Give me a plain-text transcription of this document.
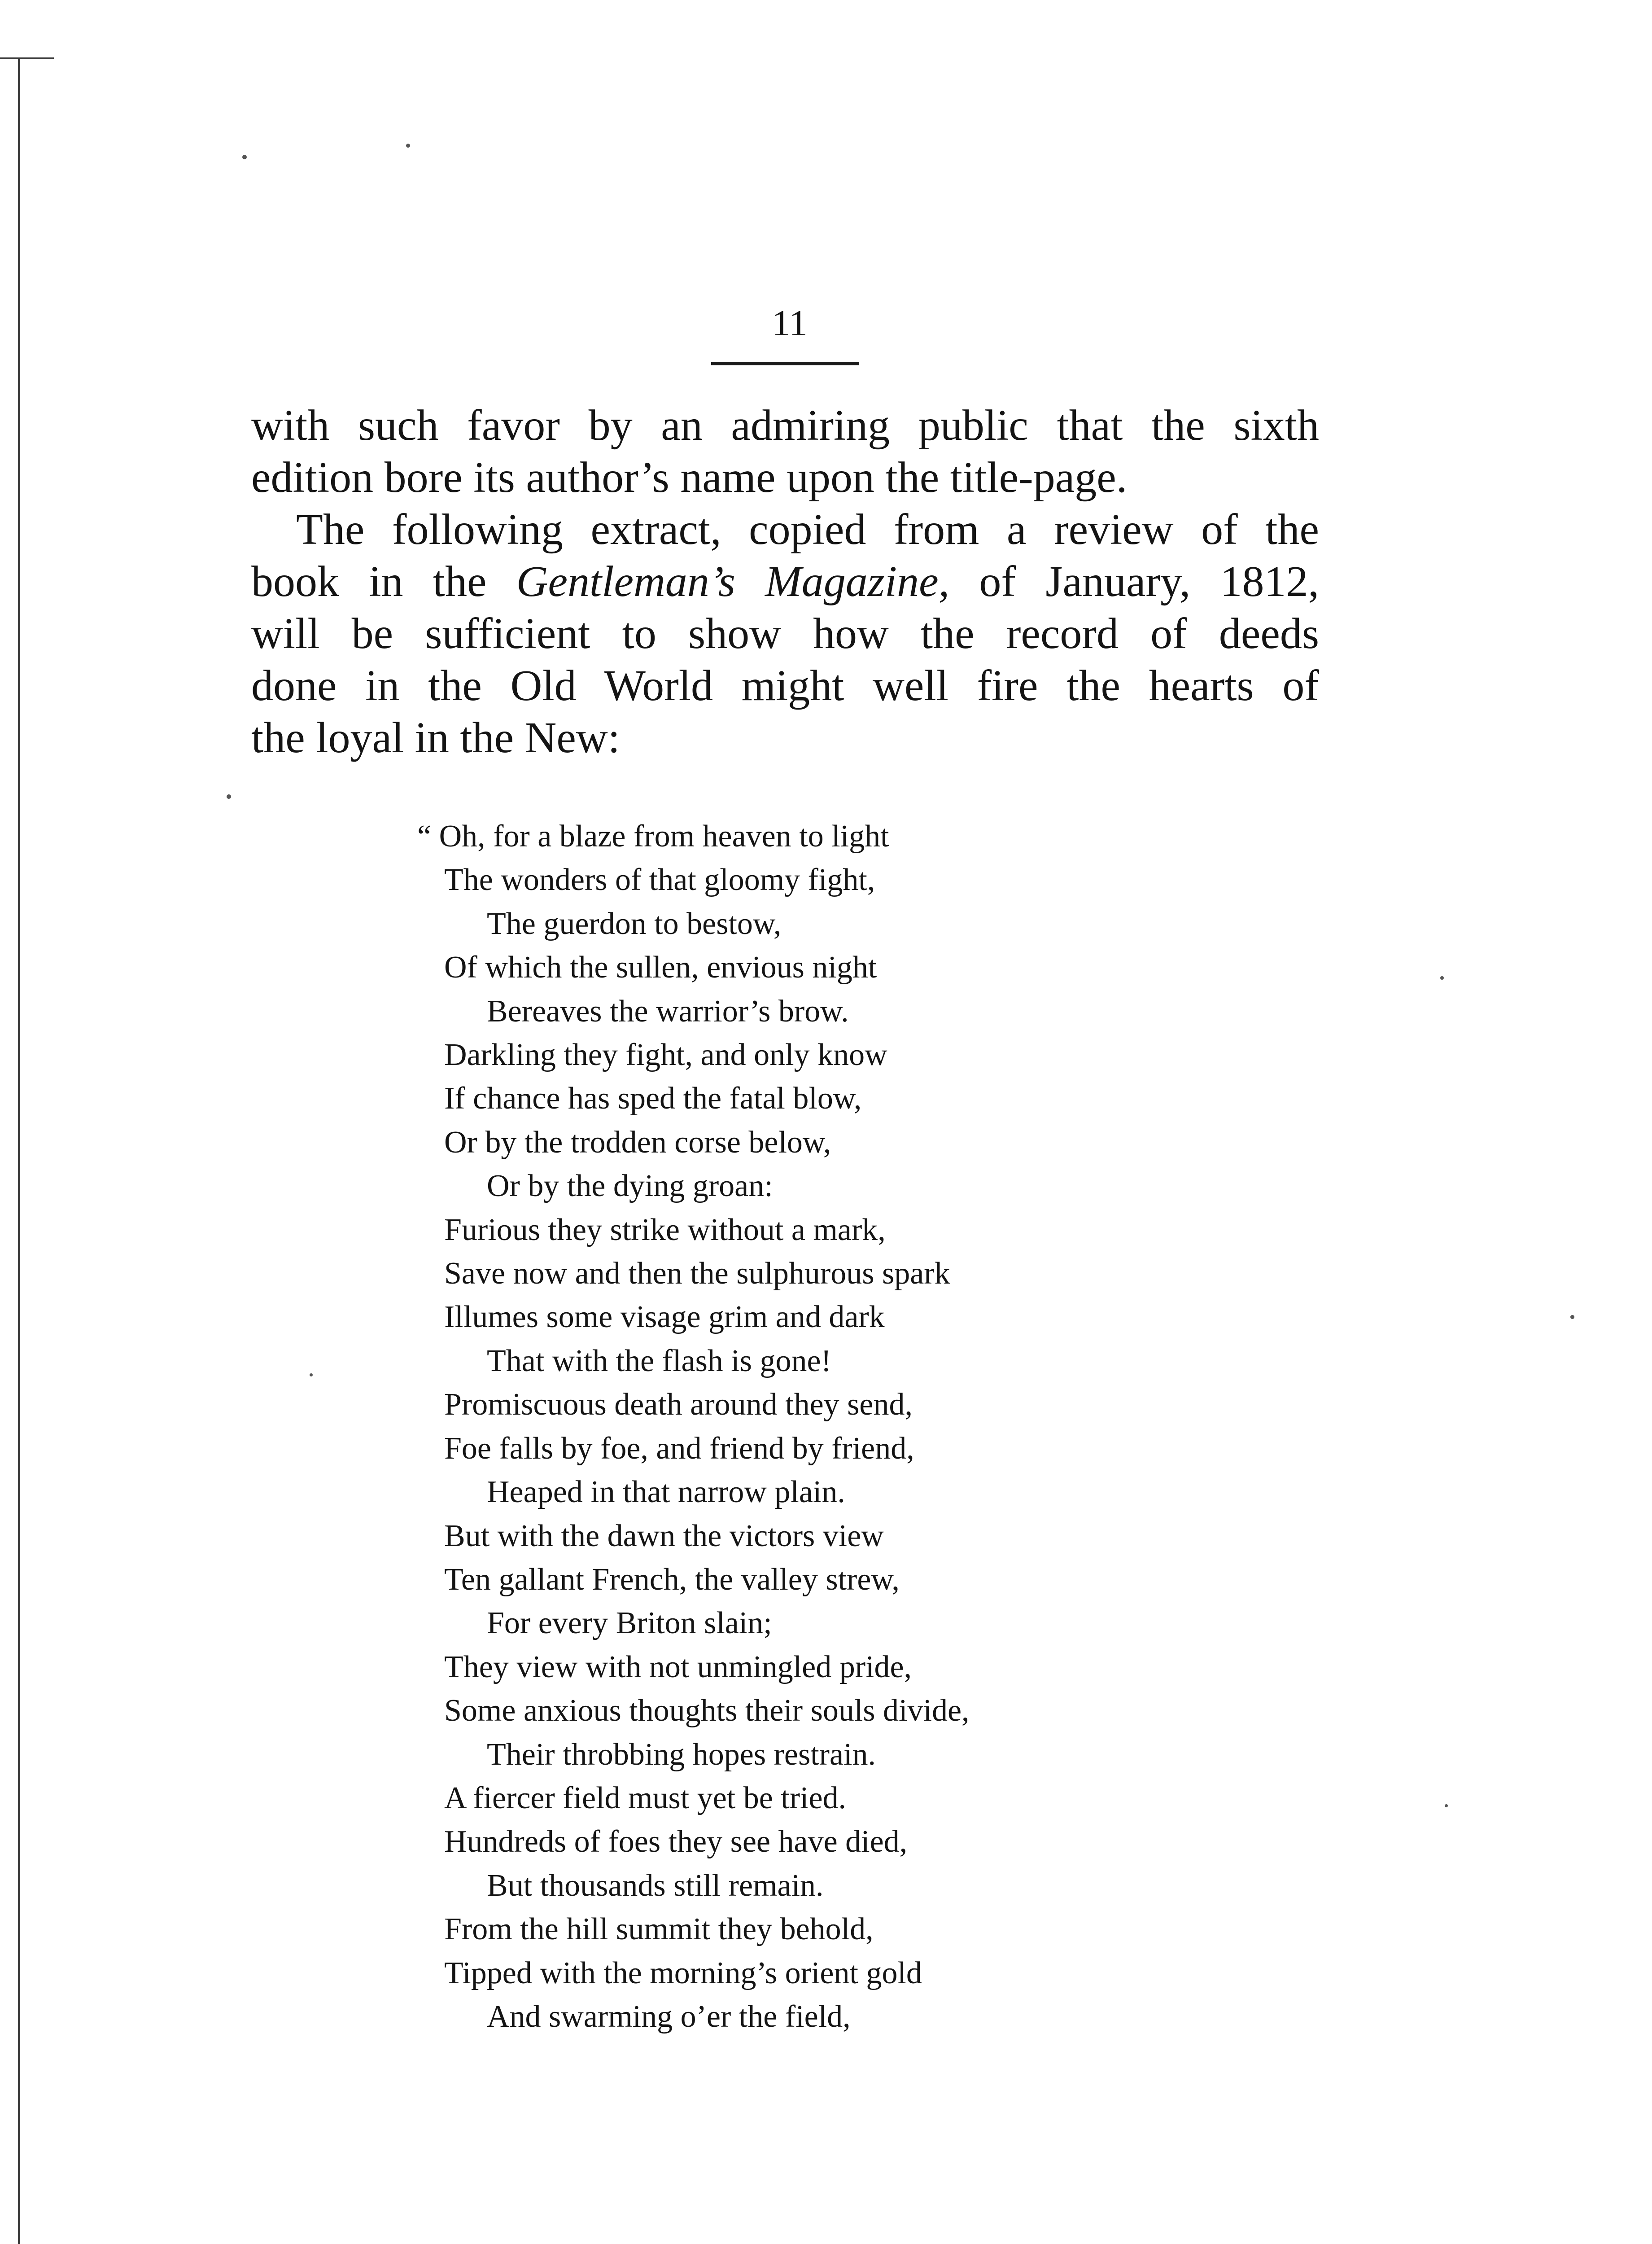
11
with such favor by an admiring public that the sixth
edition bore its author’s name upon the title-page.
The following extract, copied from a review of the
book in the Gentleman’s Magazine, of January, 1812,
will be sufficient to show how the record of deeds
done in the Old World might well fire the hearts of
the loyal in the New:
“ Oh, for a blaze from heaven to light
The wonders of that gloomy fight,
The guerdon to bestow,
Of which the sullen, envious night
Bereaves the warrior’s brow.
Darkling they fight, and only know
If chance has sped the fatal blow,
Or by the trodden corse below,
Or by the dying groan:
Furious they strike without a mark,
Save now and then the sulphurous spark
Illumes some visage grim and dark
That with the flash is gone!
Promiscuous death around they send,
Foe falls by foe, and friend by friend,
Heaped in that narrow plain.
But with the dawn the victors view
Ten gallant French, the valley strew,
For every Briton slain;
They view with not unmingled pride,
Some anxious thoughts their souls divide,
Their throbbing hopes restrain.
A fiercer field must yet be tried.
Hundreds of foes they see have died,
But thousands still remain.
From the hill summit they behold,
Tipped with the morning’s orient gold
And swarming o’er the field,
